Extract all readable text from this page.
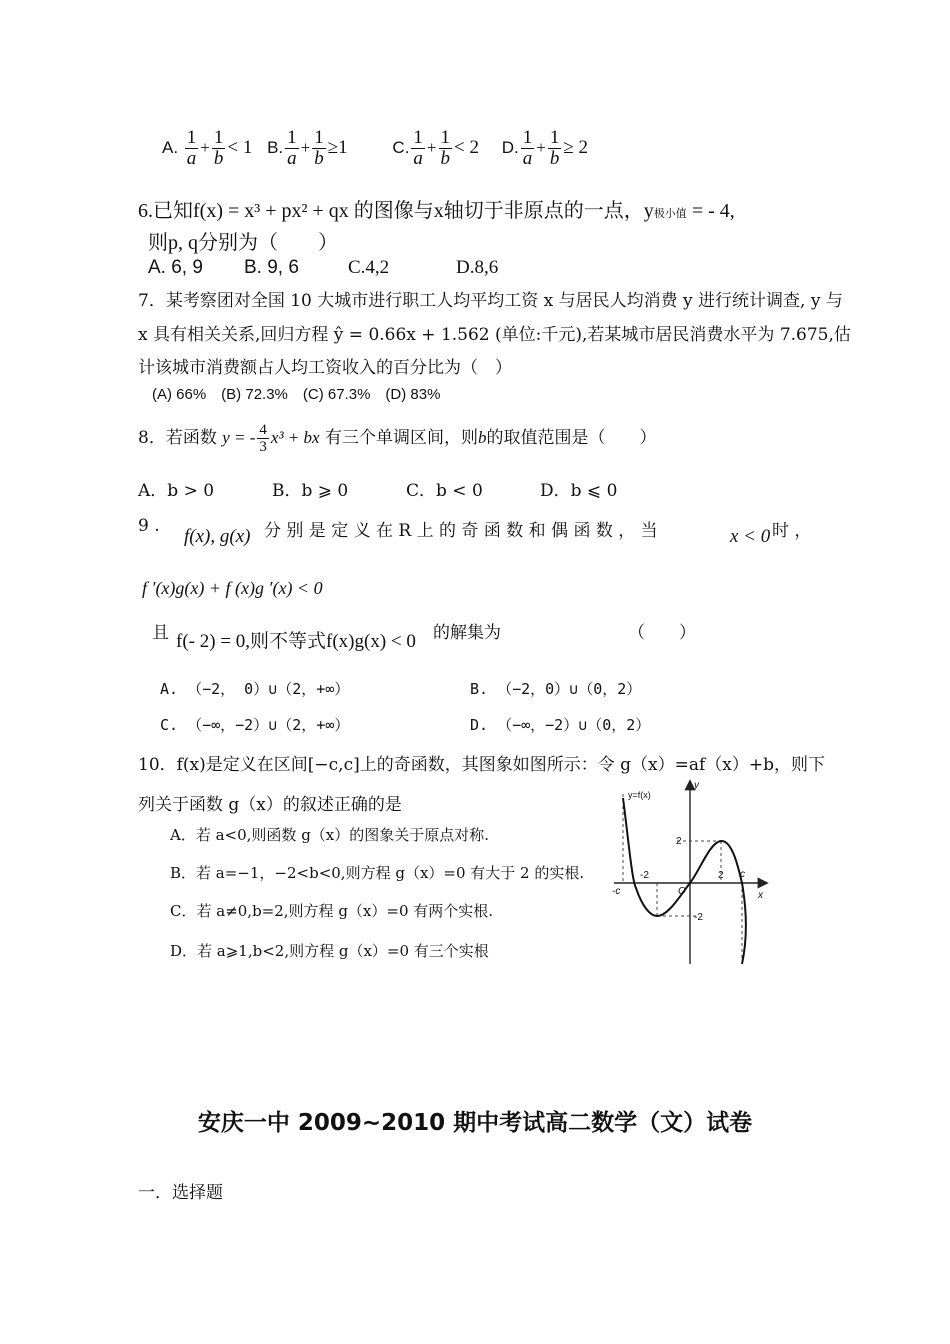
A. $\frac{1}{a} + \frac{1}{b} < 1$ B. $\frac{1}{a} + \frac{1}{b} \ge 1$	C. $\frac{1}{a} + \frac{1}{b} < 2$ D. $\frac{1}{a} + \frac{1}{b} \ge 2$
6.已知f(x) = x³ + px² + qx 的图像与x轴切于非原点的一点，y极小值 = - 4,
则p, q分别为（　　）
A. 6, 9 B. 9, 6	C.4,2	D.8,6
7．某考察团对全国 10 大城市进行职工人均平均工资 x 与居民人均消费 y 进行统计调查, y 与
x 具有相关关系,回归方程 ŷ = 0.66x + 1.562 (单位:千元),若某城市居民消费水平为 7.675,估
计该城市消费额占人均工资收入的百分比为（　）
(A) 66%　(B) 72.3%　(C) 67.3%　(D) 83%
8．若函数 y = - $\frac{4}{3} x^3$ + bx 有三个单调区间，则b的取值范围是（　　）
A．b > 0	B．b ⩾ 0	C．b < 0	D．b ⩽ 0
9 . f(x), g(x) 分 别 是 定 义 在 R 上 的 奇 函 数 和 偶 函 数 ， 当	x < 0 时 ，
f ′(x)g(x) + f (x)g ′(x) < 0
且 f(- 2) = 0,则不等式f(x)g(x) < 0 的解集为	（　　）
A. （−2， 0）∪（2，+∞）	B. （−2，0）∪（0，2）
C. （−∞，−2）∪（2，+∞）	D. （−∞，−2）∪（0，2）
10．f(x)是定义在区间[−c,c]上的奇函数，其图象如图所示：令 g（x）=af（x）+b，则下
列关于函数 g（x）的叙述正确的是
A．若 a<0,则函数 g（x）的图象关于原点对称.
B．若 a=−1，−2<b<0,则方程 g（x）=0 有大于 2 的实根.
C．若 a≠0,b=2,则方程 g（x）=0 有两个实根.
D．若 a⩾1,b<2,则方程 g（x）=0 有三个实根
y=f(x)
y
x
O
2
2
-2
-2
c
-c
安庆一中 2009~2010 期中考试高二数学（文）试卷
一．选择题
